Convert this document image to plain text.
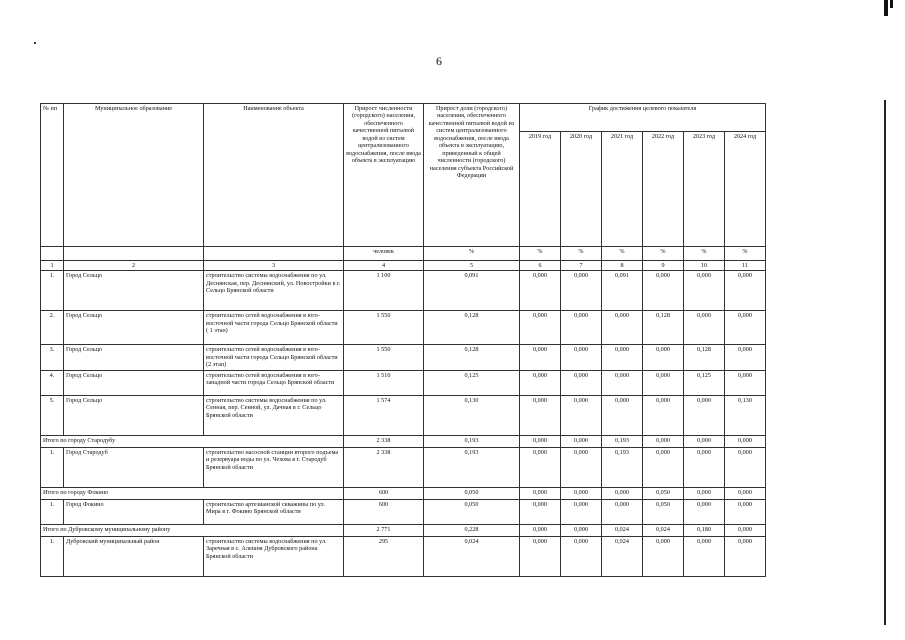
6
№ пп	Муниципальное образование	Наименование объекта	Прирост численности (городского) населения, обеспеченного качественной питьевой водой из систем централизованного водоснабжения, после ввода объекта в эксплуатацию	Прирост доли (городского) населения, обеспеченного качественной питьевой водой из систем централизованного водоснабжения, после ввода объекта в эксплуатацию, приведенный к общей численности (городского) населения субъекта Российской Федерации	График достижения целевого показателя					
					2019 год	2020 год	2021 год	2022 год	2023 год	2024 год
			человек	%	%	%	%	%	%	%
1	2	3	4	5	6	7	8	9	10	11
1.	Город Сельцо	строительство системы водоснабжения по ул. Деснянская, пер. Деснянский, ул. Новостройки в г. Сельцо Брянской области	1 100	0,091	0,000	0,000	0,091	0,000	0,000	0,000
2.	Город Сельцо	строительство сетей водоснабжения в юго-восточной части города Сельцо Брянской области ( 1 этап)	1 550	0,128	0,000	0,000	0,000	0,128	0,000	0,000
3.	Город Сельцо	строительство сетей водоснабжения в юго-восточной части города Сельцо Брянской области (2 этап)	1 550	0,128	0,000	0,000	0,000	0,000	0,128	0,000
4.	Город Сельцо	строительство сетей водоснабжения в юго-западной части города Сельцо Брянской области	1 510	0,125	0,000	0,000	0,000	0,000	0,125	0,000
5.	Город Сельцо	строительство системы водоснабжения по ул. Сенная, пер. Сенной, ул. Дачная в г. Сельцо Брянской области	1 574	0,130	0,000	0,000	0,000	0,000	0,000	0,130
Итого по городу Стародубу			2 338	0,193	0,000	0,000	0,193	0,000	0,000	0,000
1.	Город Стародуб	строительство насосной станции второго подъема и резервуара воды по ул. Чехова в г. Стародуб Брянской области	2 338	0,193	0,000	0,000	0,193	0,000	0,000	0,000
Итого по городу Фокино			600	0,050	0,000	0,000	0,000	0,050	0,000	0,000
1.	Город Фокино	строительство артезианской скважины по ул. Мира в г. Фокино Брянской области	600	0,050	0,000	0,000	0,000	0,050	0,000	0,000
Итого по Дубровскому муниципальному району			2 771	0,228	0,000	0,000	0,024	0,024	0,180	0,000
1.	Дубровский муниципальный район	строительство системы водоснабжения по ул. Заречная в с. Алешня Дубровского района Брянской области	295	0,024	0,000	0,000	0,024	0,000	0,000	0,000
